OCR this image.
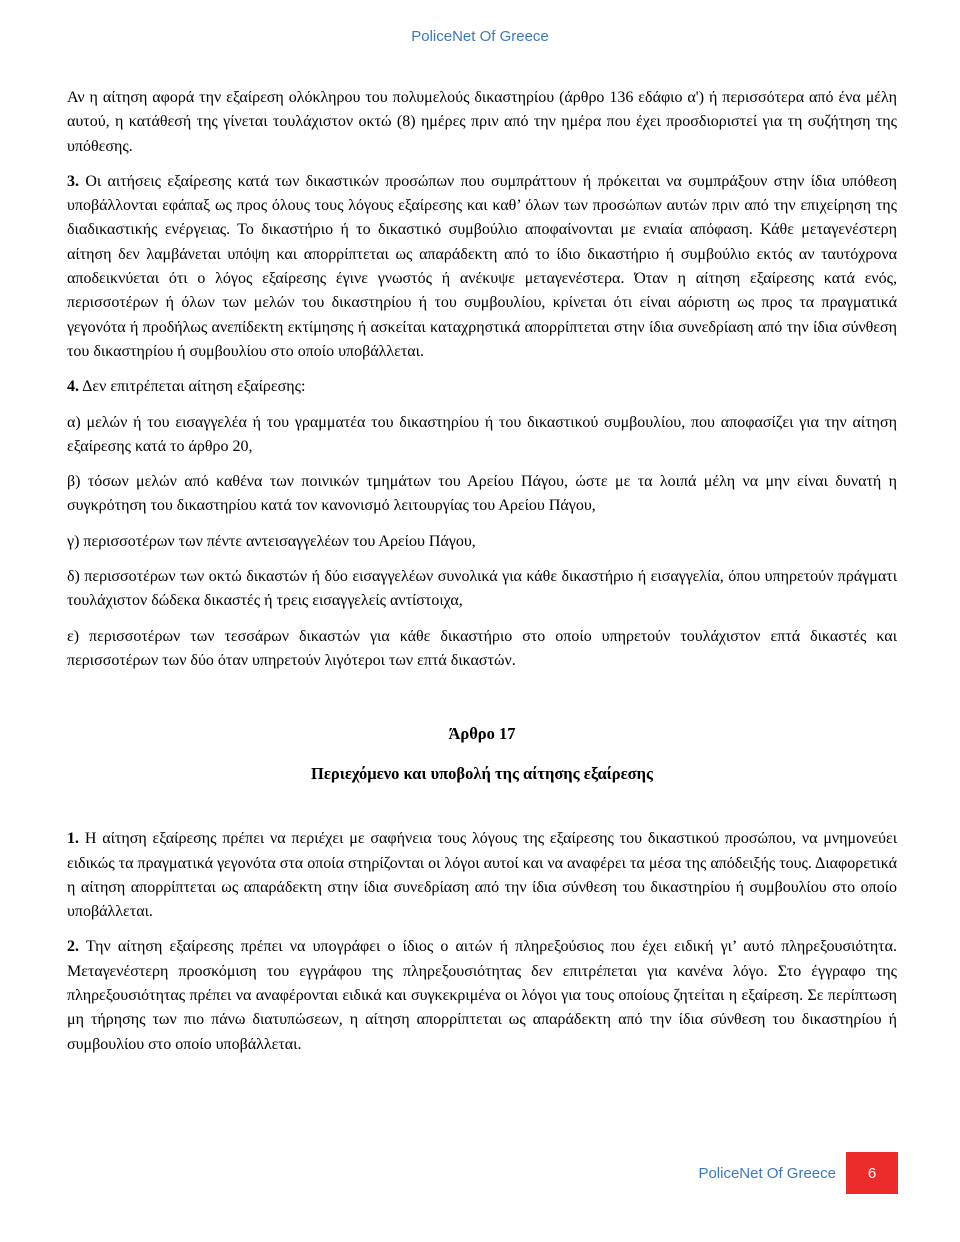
PoliceNet Of Greece

Αν η αίτηση αφορά την εξαίρεση ολόκληρου του πολυμελούς δικαστηρίου (άρθρο 136 εδάφιο α') ή περισσότερα από ένα μέλη αυτού, η κατάθεσή της γίνεται τουλάχιστον οκτώ (8) ημέρες πριν από την ημέρα που έχει προσδιοριστεί για τη συζήτηση της υπόθεσης.

3. Οι αιτήσεις εξαίρεσης κατά των δικαστικών προσώπων που συμπράττουν ή πρόκειται να συμπράξουν στην ίδια υπόθεση υποβάλλονται εφάπαξ ως προς όλους τους λόγους εξαίρεσης και καθ’ όλων των προσώπων αυτών πριν από την επιχείρηση της διαδικαστικής ενέργειας. Το δικαστήριο ή το δικαστικό συμβούλιο αποφαίνονται με ενιαία απόφαση. Κάθε μεταγενέστερη αίτηση δεν λαμβάνεται υπόψη και απορρίπτεται ως απαράδεκτη από το ίδιο δικαστήριο ή συμβούλιο εκτός αν ταυτόχρονα αποδεικνύεται ότι ο λόγος εξαίρεσης έγινε γνωστός ή ανέκυψε μεταγενέστερα. Όταν η αίτηση εξαίρεσης κατά ενός, περισσοτέρων ή όλων των μελών του δικαστηρίου ή του συμβουλίου, κρίνεται ότι είναι αόριστη ως προς τα πραγματικά γεγονότα ή προδήλως ανεπίδεκτη εκτίμησης ή ασκείται καταχρηστικά απορρίπτεται στην ίδια συνεδρίαση από την ίδια σύνθεση του δικαστηρίου ή συμβουλίου στο οποίο υποβάλλεται.

4. Δεν επιτρέπεται αίτηση εξαίρεσης:

α) μελών ή του εισαγγελέα ή του γραμματέα του δικαστηρίου ή του δικαστικού συμβουλίου, που αποφασίζει για την αίτηση εξαίρεσης κατά το άρθρο 20,

β) τόσων μελών από καθένα των ποινικών τμημάτων του Αρείου Πάγου, ώστε με τα λοιπά μέλη να μην είναι δυνατή η συγκρότηση του δικαστηρίου κατά τον κανονισμό λειτουργίας του Αρείου Πάγου,

γ) περισσοτέρων των πέντε αντεισαγγελέων του Αρείου Πάγου,

δ) περισσοτέρων των οκτώ δικαστών ή δύο εισαγγελέων συνολικά για κάθε δικαστήριο ή εισαγγελία, όπου υπηρετούν πράγματι τουλάχιστον δώδεκα δικαστές ή τρεις εισαγγελείς αντίστοιχα,

ε) περισσοτέρων των τεσσάρων δικαστών για κάθε δικαστήριο στο οποίο υπηρετούν τουλάχιστον επτά δικαστές και περισσοτέρων των δύο όταν υπηρετούν λιγότεροι των επτά δικαστών.

Άρθρο 17
Περιεχόμενο και υποβολή της αίτησης εξαίρεσης

1. Η αίτηση εξαίρεσης πρέπει να περιέχει με σαφήνεια τους λόγους της εξαίρεσης του δικαστικού προσώπου, να μνημονεύει ειδικώς τα πραγματικά γεγονότα στα οποία στηρίζονται οι λόγοι αυτοί και να αναφέρει τα μέσα της απόδειξής τους. Διαφορετικά η αίτηση απορρίπτεται ως απαράδεκτη στην ίδια συνεδρίαση από την ίδια σύνθεση του δικαστηρίου ή συμβουλίου στο οποίο υποβάλλεται.

2. Την αίτηση εξαίρεσης πρέπει να υπογράφει ο ίδιος ο αιτών ή πληρεξούσιος που έχει ειδική γι’ αυτό πληρεξουσιότητα. Μεταγενέστερη προσκόμιση του εγγράφου της πληρεξουσιότητας δεν επιτρέπεται για κανένα λόγο. Στο έγγραφο της πληρεξουσιότητας πρέπει να αναφέρονται ειδικά και συγκεκριμένα οι λόγοι για τους οποίους ζητείται η εξαίρεση. Σε περίπτωση μη τήρησης των πιο πάνω διατυπώσεων, η αίτηση απορρίπτεται ως απαράδεκτη από την ίδια σύνθεση του δικαστηρίου ή συμβουλίου στο οποίο υποβάλλεται.

PoliceNet Of Greece	6
